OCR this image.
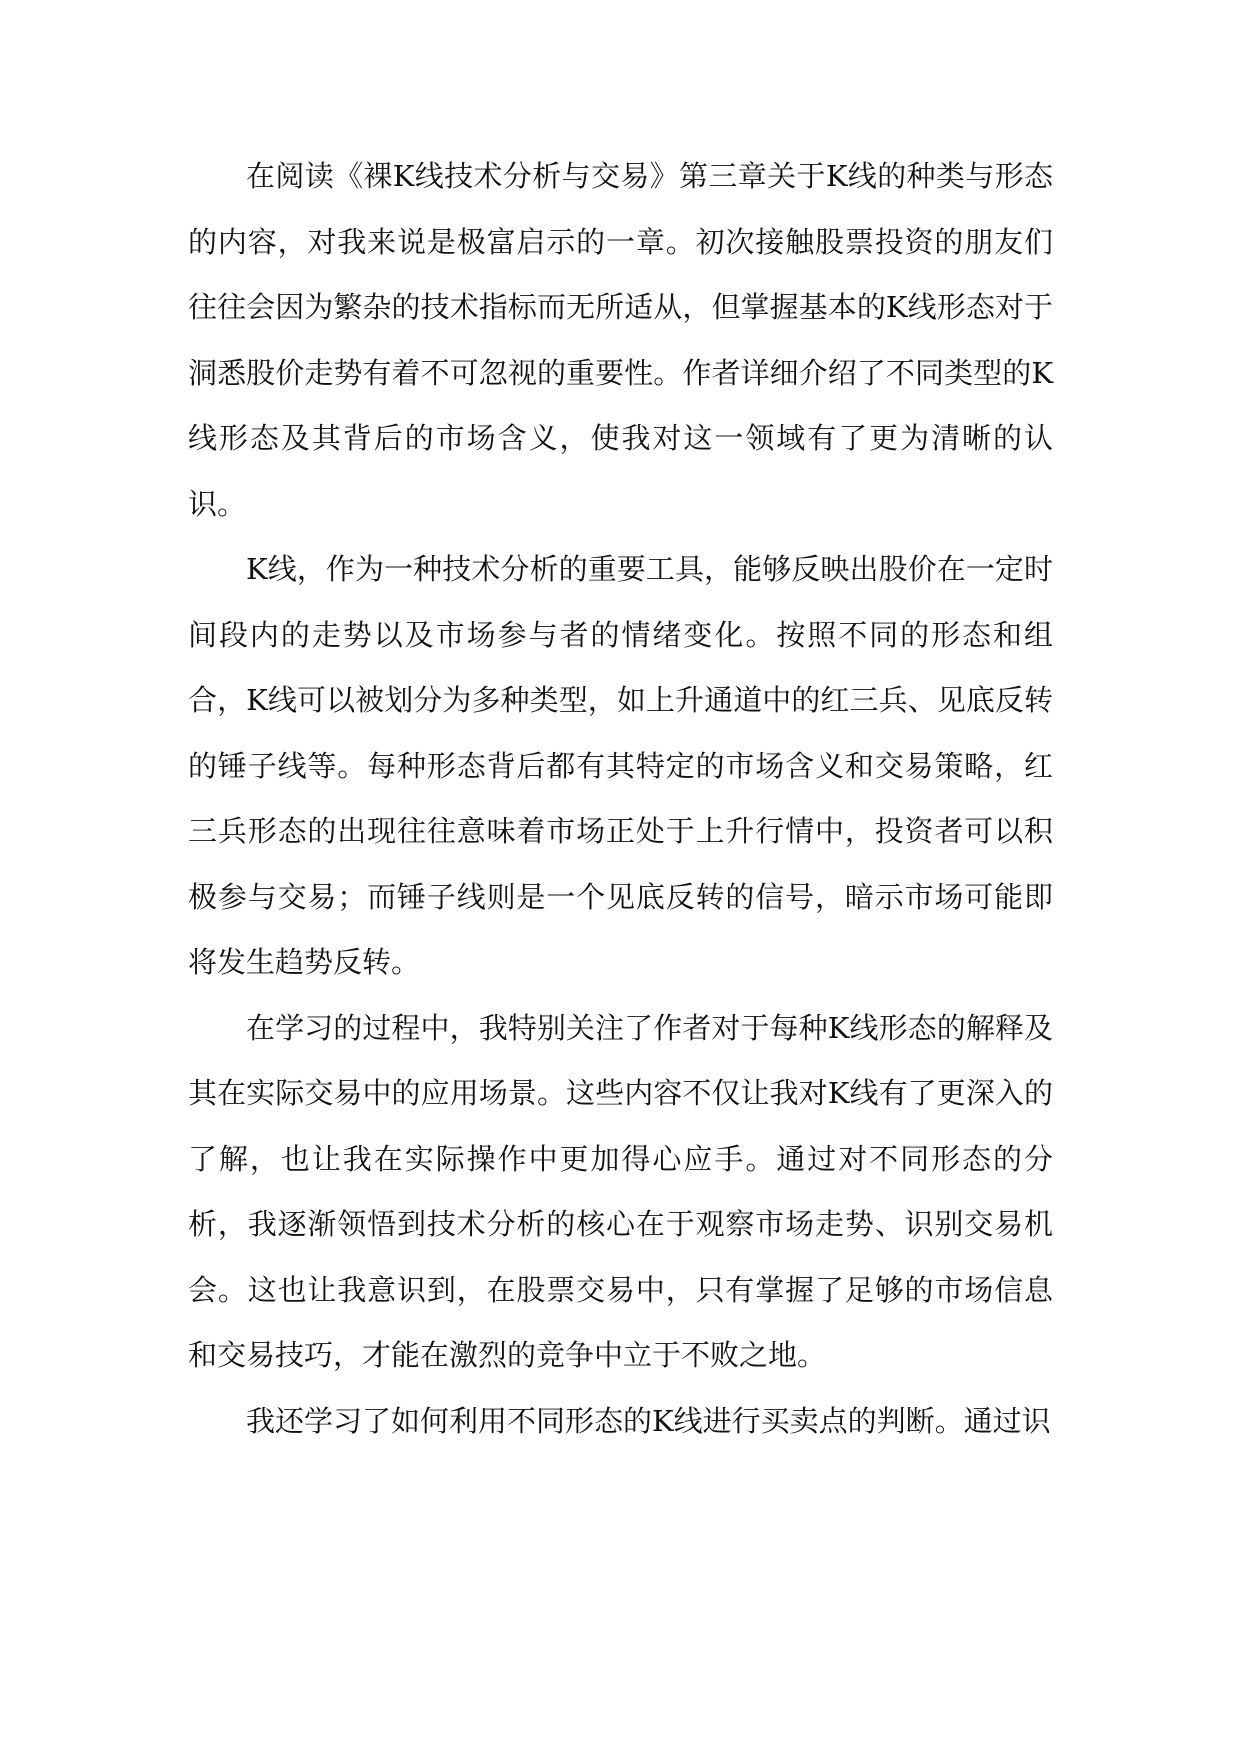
在阅读《裸K线技术分析与交易》第三章关于K线的种类与形态的内容，对我来说是极富启示的一章。初次接触股票投资的朋友们往往会因为繁杂的技术指标而无所适从，但掌握基本的K线形态对于洞悉股价走势有着不可忽视的重要性。作者详细介绍了不同类型的K线形态及其背后的市场含义，使我对这一领域有了更为清晰的认识。

K线，作为一种技术分析的重要工具，能够反映出股价在一定时间段内的走势以及市场参与者的情绪变化。按照不同的形态和组合，K线可以被划分为多种类型，如上升通道中的红三兵、见底反转的锤子线等。每种形态背后都有其特定的市场含义和交易策略，红三兵形态的出现往往意味着市场正处于上升行情中，投资者可以积极参与交易；而锤子线则是一个见底反转的信号，暗示市场可能即将发生趋势反转。

在学习的过程中，我特别关注了作者对于每种K线形态的解释及其在实际交易中的应用场景。这些内容不仅让我对K线有了更深入的了解，也让我在实际操作中更加得心应手。通过对不同形态的分析，我逐渐领悟到技术分析的核心在于观察市场走势、识别交易机会。这也让我意识到，在股票交易中，只有掌握了足够的市场信息和交易技巧，才能在激烈的竞争中立于不败之地。

我还学习了如何利用不同形态的K线进行买卖点的判断。通过识
